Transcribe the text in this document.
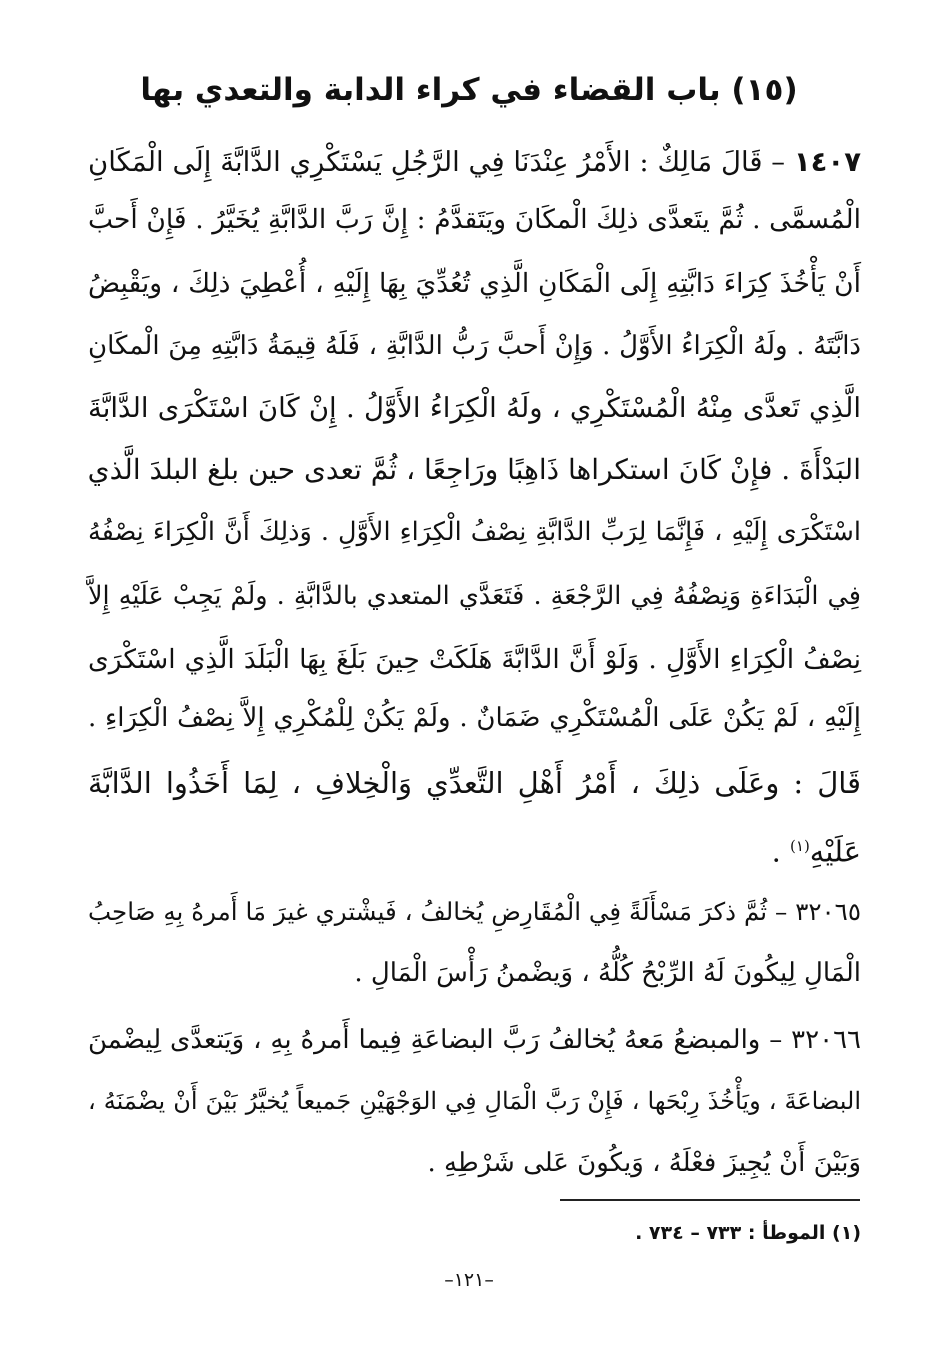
(١٥) باب القضاء في كراء الدابة والتعدي بها
١٤٠٧ – قَالَ مَالِكٌ : الأَمْرُ عِنْدَنَا فِي الرَّجُلِ يَسْتَكْرِي الدَّابَّةَ إِلَى الْمَكَانِ
الْمُسمَّى . ثُمَّ يتَعدَّى ذلِكَ الْمكَانَ ويَتَقدَّمُ : إِنَّ رَبَّ الدَّابَّةِ يُخَيَّرُ . فَإِنْ أَحبَّ
أَنْ يَأْخُذَ كِرَاءَ دَابَّتِهِ إِلَى الْمَكَانِ الَّذِي تُعُدِّيَ بِهَا إِلَيْهِ ، أُعْطِيَ ذلِكَ ، ويَقْبِضُ
دَابَّتَهُ . ولَهُ الْكِرَاءُ الأَوَّلُ . وَإِنْ أَحبَّ رَبُّ الدَّابَّةِ ، فَلَهُ قِيمَةُ دَابَّتِهِ مِنَ الْمكَانِ
الَّذِي تَعدَّى مِنْهُ الْمُسْتَكْرِي ، ولَهُ الْكِرَاءُ الأَوَّلُ . إِنْ كَانَ اسْتَكْرَى الدَّابَّةَ
البَدْأَةَ . فإِنْ كَانَ استكراها ذَاهِبًا ورَاجِعًا ، ثُمَّ تعدى حين بلغ البلدَ الَّذي
اسْتَكْرَى إِلَيْهِ ، فَإِنَّمَا لِرَبِّ الدَّابَّةِ نِصْفُ الْكِرَاءِ الأَوَّلِ . وَذلِكَ أَنَّ الْكِرَاءَ نِصْفُهُ
فِي الْبَدَاءَةِ وَنِصْفُهُ فِي الرَّجْعَةِ . فَتَعَدَّي المتعدي بالدَّابَّةِ . ولَمْ يَجِبْ عَلَيْهِ إِلاَّ
نِصْفُ الْكِرَاءِ الأَوَّلِ . وَلَوْ أَنَّ الدَّابَّةَ هَلَكَتْ حِينَ بَلَغَ بِهَا الْبَلَدَ الَّذِي اسْتَكْرَى
إِلَيْهِ ، لَمْ يَكُنْ عَلَى الْمُسْتَكْرِي ضَمَانٌ . ولَمْ يَكُنْ لِلْمُكْرِي إِلاَّ نِصْفُ الْكِرَاءِ .
قَالَ : وعَلَى ذلِكَ ، أَمْرُ أَهْلِ التَّعدِّي وَالْخِلافِ ، لِمَا أَخَذُوا الدَّابَّةَ
عَلَيْهِ$^{(١)}$ .
٣٢٠٦٥ – ثُمَّ ذكرَ مَسْأَلَةً فِي الْمُقَارِضِ يُخالفُ ، فَيشْتري غيرَ مَا أَمرهُ بِهِ صَاحِبُ
الْمَالِ لِيكُونَ لَهُ الرِّبْحُ كُلُّهُ ، وَيضْمنُ رَأْسَ الْمَالِ .
٣٢٠٦٦ – والمبضعُ مَعهُ يُخالفُ رَبَّ البضاعَةِ فِيما أَمرهُ بِهِ ، وَيَتعدَّى لِيضْمنَ
البضاعَةَ ، ويَأْخُذَ رِبْحَها ، فَإِنْ رَبَّ الْمَالِ فِي الوَجْهَيْنِ جَميعاً يُخيَّرُ بَيْنَ أَنْ يضْمَنَهُ ،
وَبَيْنَ أَنْ يُجِيزَ فعْلَهُ ، وَيكُونَ عَلى شَرْطِهِ .
(١) الموطأ : ٧٣٣ – ٧٣٤ .
–١٢١–
